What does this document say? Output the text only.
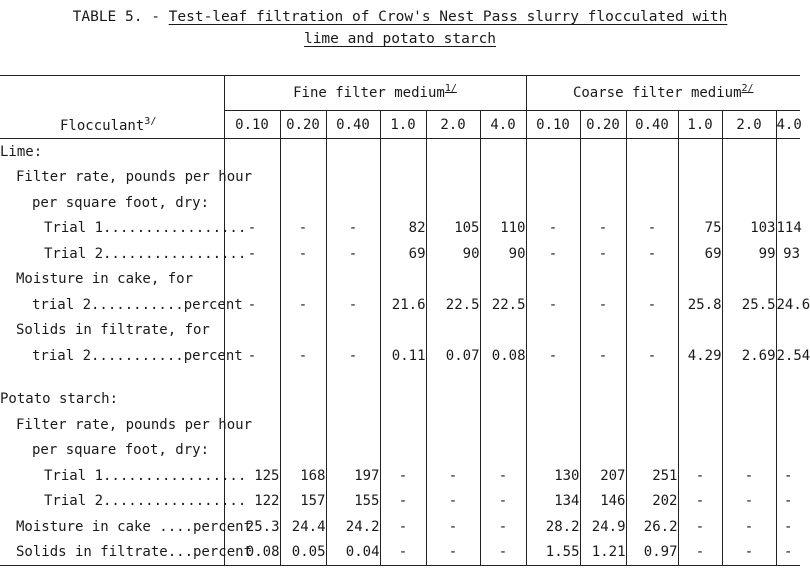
TABLE 5. - Test-leaf filtration of Crow's Nest Pass slurry flocculated with
lime and potato starch

Flocculant$^{3/}$	Fine filter medium$^{1/}$						Coarse filter medium$^{2/}$
	0.10	0.20	0.40	1.0	2.0	4.0	0.10	0.20	0.40	1.0	2.0	4.0
Lime:												
Filter rate, pounds per hour												
per square foot, dry:												
Trial 1.................	-	-	-	82	105	110	-	-	-	75	103	114
Trial 2.................	-	-	-	69	90	90	-	-	-	69	99	93
Moisture in cake, for												
trial 2...........percent	-	-	-	21.6	22.5	22.5	-	-	-	25.8	25.5	24.6
Solids in filtrate, for												
trial 2...........percent	-	-	-	0.11	0.07	0.08	-	-	-	4.29	2.69	2.54

Potato starch:												
Filter rate, pounds per hour												
per square foot, dry:												
Trial 1.................	125	168	197	-	-	-	130	207	251	-	-	-
Trial 2.................	122	157	155	-	-	-	134	146	202	-	-	-
Moisture in cake ....percent	25.3	24.4	24.2	-	-	-	28.2	24.9	26.2	-	-	-
Solids in filtrate...percent	0.08	0.05	0.04	-	-	-	1.55	1.21	0.97	-	-	-
